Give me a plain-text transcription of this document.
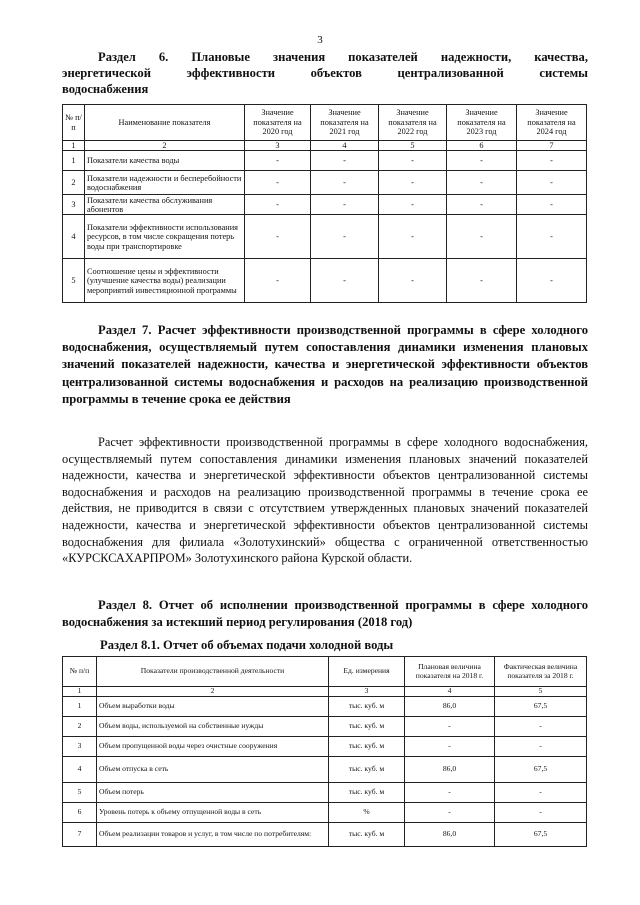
3
Раздел 6. Плановые значения показателей надежности, качества,
энергетической эффективности объектов централизованной системы
водоснабжения
№ п/п	Наименование показателя	Значение показателя на 2020 год	Значение показателя на 2021 год	Значение показателя на 2022 год	Значение показателя на 2023 год	Значение показателя на 2024 год
1	2	3	4	5	6	7
1	Показатели качества воды	-	-	-	-	-
2	Показатели надежности и бесперебойности водоснабжения	-	-	-	-	-
3	Показатели качества обслуживания абонентов	-	-	-	-	-
4	Показатели эффективности использования ресурсов, в том числе сокращения потерь воды при транспортировке	-	-	-	-	-
5	Соотношение цены и эффективности (улучшение качества воды) реализации мероприятий инвестиционной программы	-	-	-	-	-
Раздел 7. Расчет эффективности производственной программы в сфере холодного водоснабжения, осуществляемый путем сопоставления динамики изменения плановых значений показателей надежности, качества и энергетической эффективности объектов централизованной системы водоснабжения и расходов на реализацию производственной программы в течение срока ее действия
Расчет эффективности производственной программы в сфере холодного водоснабжения, осуществляемый путем сопоставления динамики изменения плановых значений показателей надежности, качества и энергетической эффективности объектов централизованной системы водоснабжения и расходов на реализацию производственной программы в течение срока ее действия, не приводится в связи с отсутствием утвержденных плановых значений показателей надежности, качества и энергетической эффективности объектов централизованной системы водоснабжения для филиала «Золотухинский» общества с ограниченной ответственностью «КУРСКСАХАРПРОМ» Золотухинского района Курской области.
Раздел 8. Отчет об исполнении производственной программы в сфере холодного водоснабжения за истекший период регулирования (2018 год)
Раздел 8.1. Отчет об объемах подачи холодной воды
№ п/п	Показатели производственной деятельности	Ед. измерения	Плановая величина показателя на 2018 г.	Фактическая величина показателя за 2018 г.
1	2	3	4	5
1	Объем выработки воды	тыс. куб. м	86,0	67,5
2	Объем воды, используемой на собственные нужды	тыс. куб. м	-	-
3	Объем пропущенной воды через очистные сооружения	тыс. куб. м	-	-
4	Объем отпуска в сеть	тыс. куб. м	86,0	67,5
5	Объем потерь	тыс. куб. м	-	-
6	Уровень потерь к объему отпущенной воды в сеть	%	-	-
7	Объем реализации товаров и услуг, в том числе по потребителям:	тыс. куб. м	86,0	67,5
